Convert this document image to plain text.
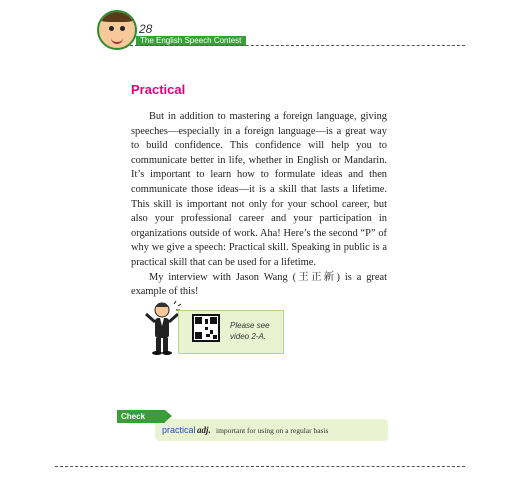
28
The English Speech Contest
Practical

But in addition to mastering a foreign language, giving speeches—especially in a foreign language—is a great way to build confidence. This confidence will help you to communicate better in life, whether in English or Mandarin. It’s important to learn how to formulate ideas and then communicate those ideas—it is a skill that lasts a lifetime. This skill is important not only for your school career, but also your professional career and your participation in organizations outside of work. Aha! Here’s the second “P” of why we give a speech: Practical skill. Speaking in public is a practical skill that can be used for a lifetime.

My interview with Jason Wang (王正新) is a great example of this!

Please see video 2-A.
Check Here!	practical adj. important for using on a regular basis
